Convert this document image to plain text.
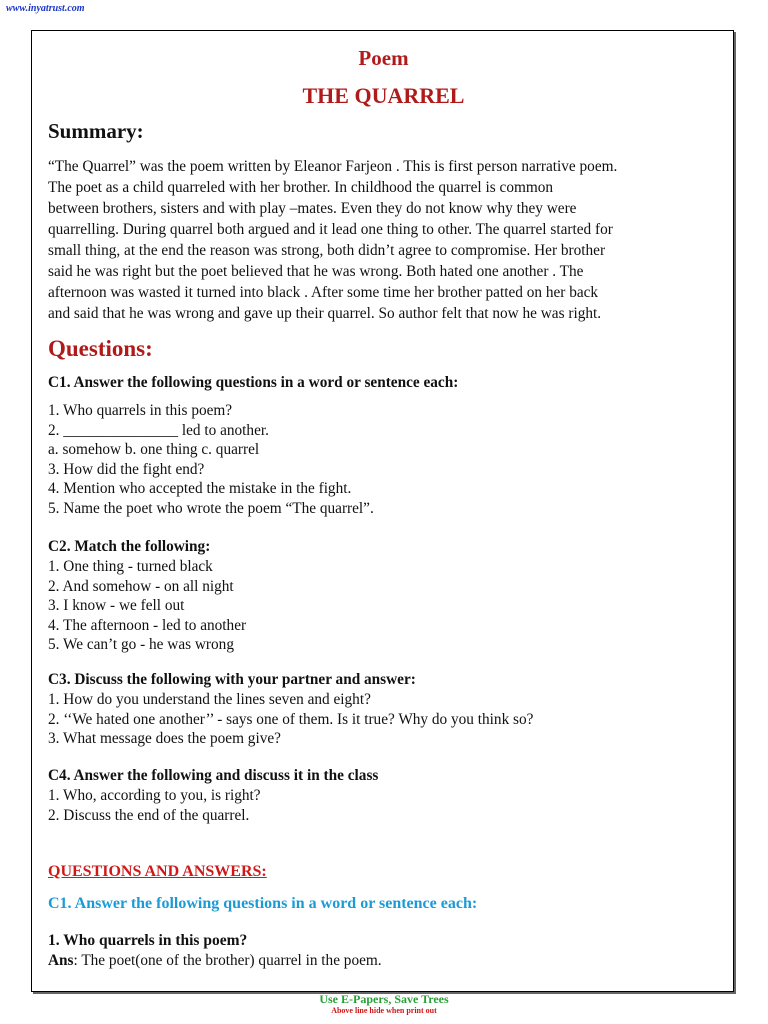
www.inyatrust.com
Poem
THE QUARREL
Summary:
“The Quarrel” was the poem written by Eleanor Farjeon . This is first person narrative poem.
The poet as a child quarreled with her brother. In childhood the quarrel is common
between brothers, sisters and with play –mates. Even they do not know why they were
quarrelling. During quarrel both argued and it lead one thing to other. The quarrel started for
small thing, at the end the reason was strong, both didn’t agree to compromise. Her brother
said he was right but the poet believed that he was wrong. Both hated one another . The
afternoon was wasted it turned into black . After some time her brother patted on her back
and said that he was wrong and gave up their quarrel. So author felt that now he was right.
Questions:
C1. Answer the following questions in a word or sentence each:
1. Who quarrels in this poem?
2. _______________ led to another.
a. somehow b. one thing c. quarrel
3. How did the fight end?
4. Mention who accepted the mistake in the fight.
5. Name the poet who wrote the poem “The quarrel”.
C2. Match the following:
1. One thing - turned black
2. And somehow - on all night
3. I know - we fell out
4. The afternoon - led to another
5. We can’t go - he was wrong
C3. Discuss the following with your partner and answer:
1. How do you understand the lines seven and eight?
2. ‘‘We hated one another’’ - says one of them. Is it true? Why do you think so?
3. What message does the poem give?
C4. Answer the following and discuss it in the class
1. Who, according to you, is right?
2. Discuss the end of the quarrel.
QUESTIONS AND ANSWERS:
C1. Answer the following questions in a word or sentence each:
1. Who quarrels in this poem?
Ans: The poet(one of the brother) quarrel in the poem.
Use E-Papers, Save Trees
Above line hide when print out
